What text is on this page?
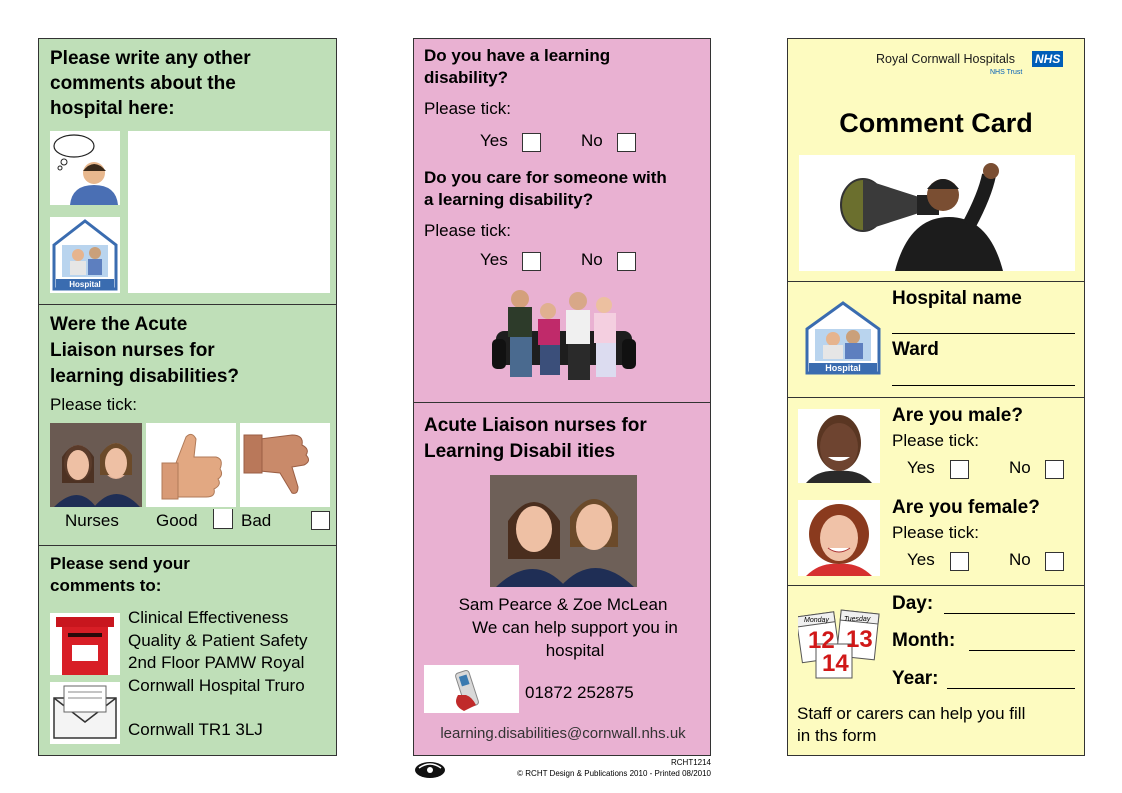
Please write any other
comments about the
hospital here:
Hospital
Were the Acute
Liaison nurses for
learning disabilities?
Please tick:
Nurses Good	Bad
Please send your
comments to:
Clinical Effectiveness
Quality & Patient Safety
2nd Floor PAMW Royal
Cornwall Hospital Truro
Cornwall TR1 3LJ
Do you have a learning
disability?
Please tick:
Yes	No
Do you care for someone with
a learning disability?
Please tick:
Yes	No
Acute Liaison nurses for
Learning Disabil ities
Sam Pearce & Zoe McLean
We can help support you in
hospital
01872 252875
learning.disabilities@cornwall.nhs.uk
Royal Cornwall Hospitals NHS
NHS Trust
Comment Card
Hospital
Hospital name
Ward
Are you male?
Please tick:
Yes	No
Are you female?
Please tick:
Yes	No
Monday Tuesday
12 13
14
Day:
Month:
Year:
Staff or carers can help you fill
in ths form
RCHT1214
© RCHT Design & Publications 2010 - Printed 08/2010
